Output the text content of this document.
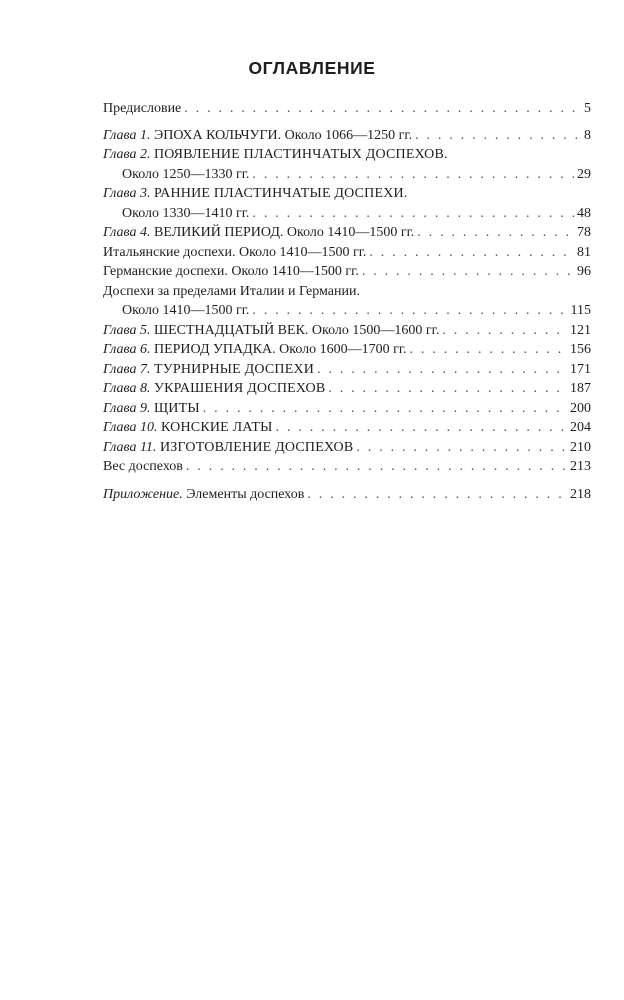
ОГЛАВЛЕНИЕ
Предисловие . . .	5
Глава 1.
ЭПОХА КОЛЬЧУГИ. Около 1066—1250 гг. . . .	8
Глава 2.
ПОЯВЛЕНИЕ ПЛАСТИНЧАТЫХ ДОСПЕХОВ.
Около 1250—1330 гг. . . .	29
Глава 3.
РАННИЕ ПЛАСТИНЧАТЫЕ ДОСПЕХИ.
Около 1330—1410 гг. . . .	48
Глава 4.
ВЕЛИКИЙ ПЕРИОД. Около 1410—1500 гг. . . .	78
Итальянские доспехи. Около 1410—1500 гг. . . .	81
Германские доспехи. Около 1410—1500 гг. . . .	96
Доспехи за пределами Италии и Германии.
Около 1410—1500 гг. . . .	115
Глава 5.
ШЕСТНАДЦАТЫЙ ВЕК. Около 1500—1600 гг. . . .	121
Глава 6.
ПЕРИОД УПАДКА. Около 1600—1700 гг. . . .	156
Глава 7.
ТУРНИРНЫЕ ДОСПЕХИ . . .	171
Глава 8.
УКРАШЕНИЯ ДОСПЕХОВ . . .	187
Глава 9.
ЩИТЫ . . .	200
Глава 10.
КОНСКИЕ ЛАТЫ . . .	204
Глава 11.
ИЗГОТОВЛЕНИЕ ДОСПЕХОВ . . .	210
Вес доспехов . . .	213
Приложение.
Элементы доспехов . . .	218
